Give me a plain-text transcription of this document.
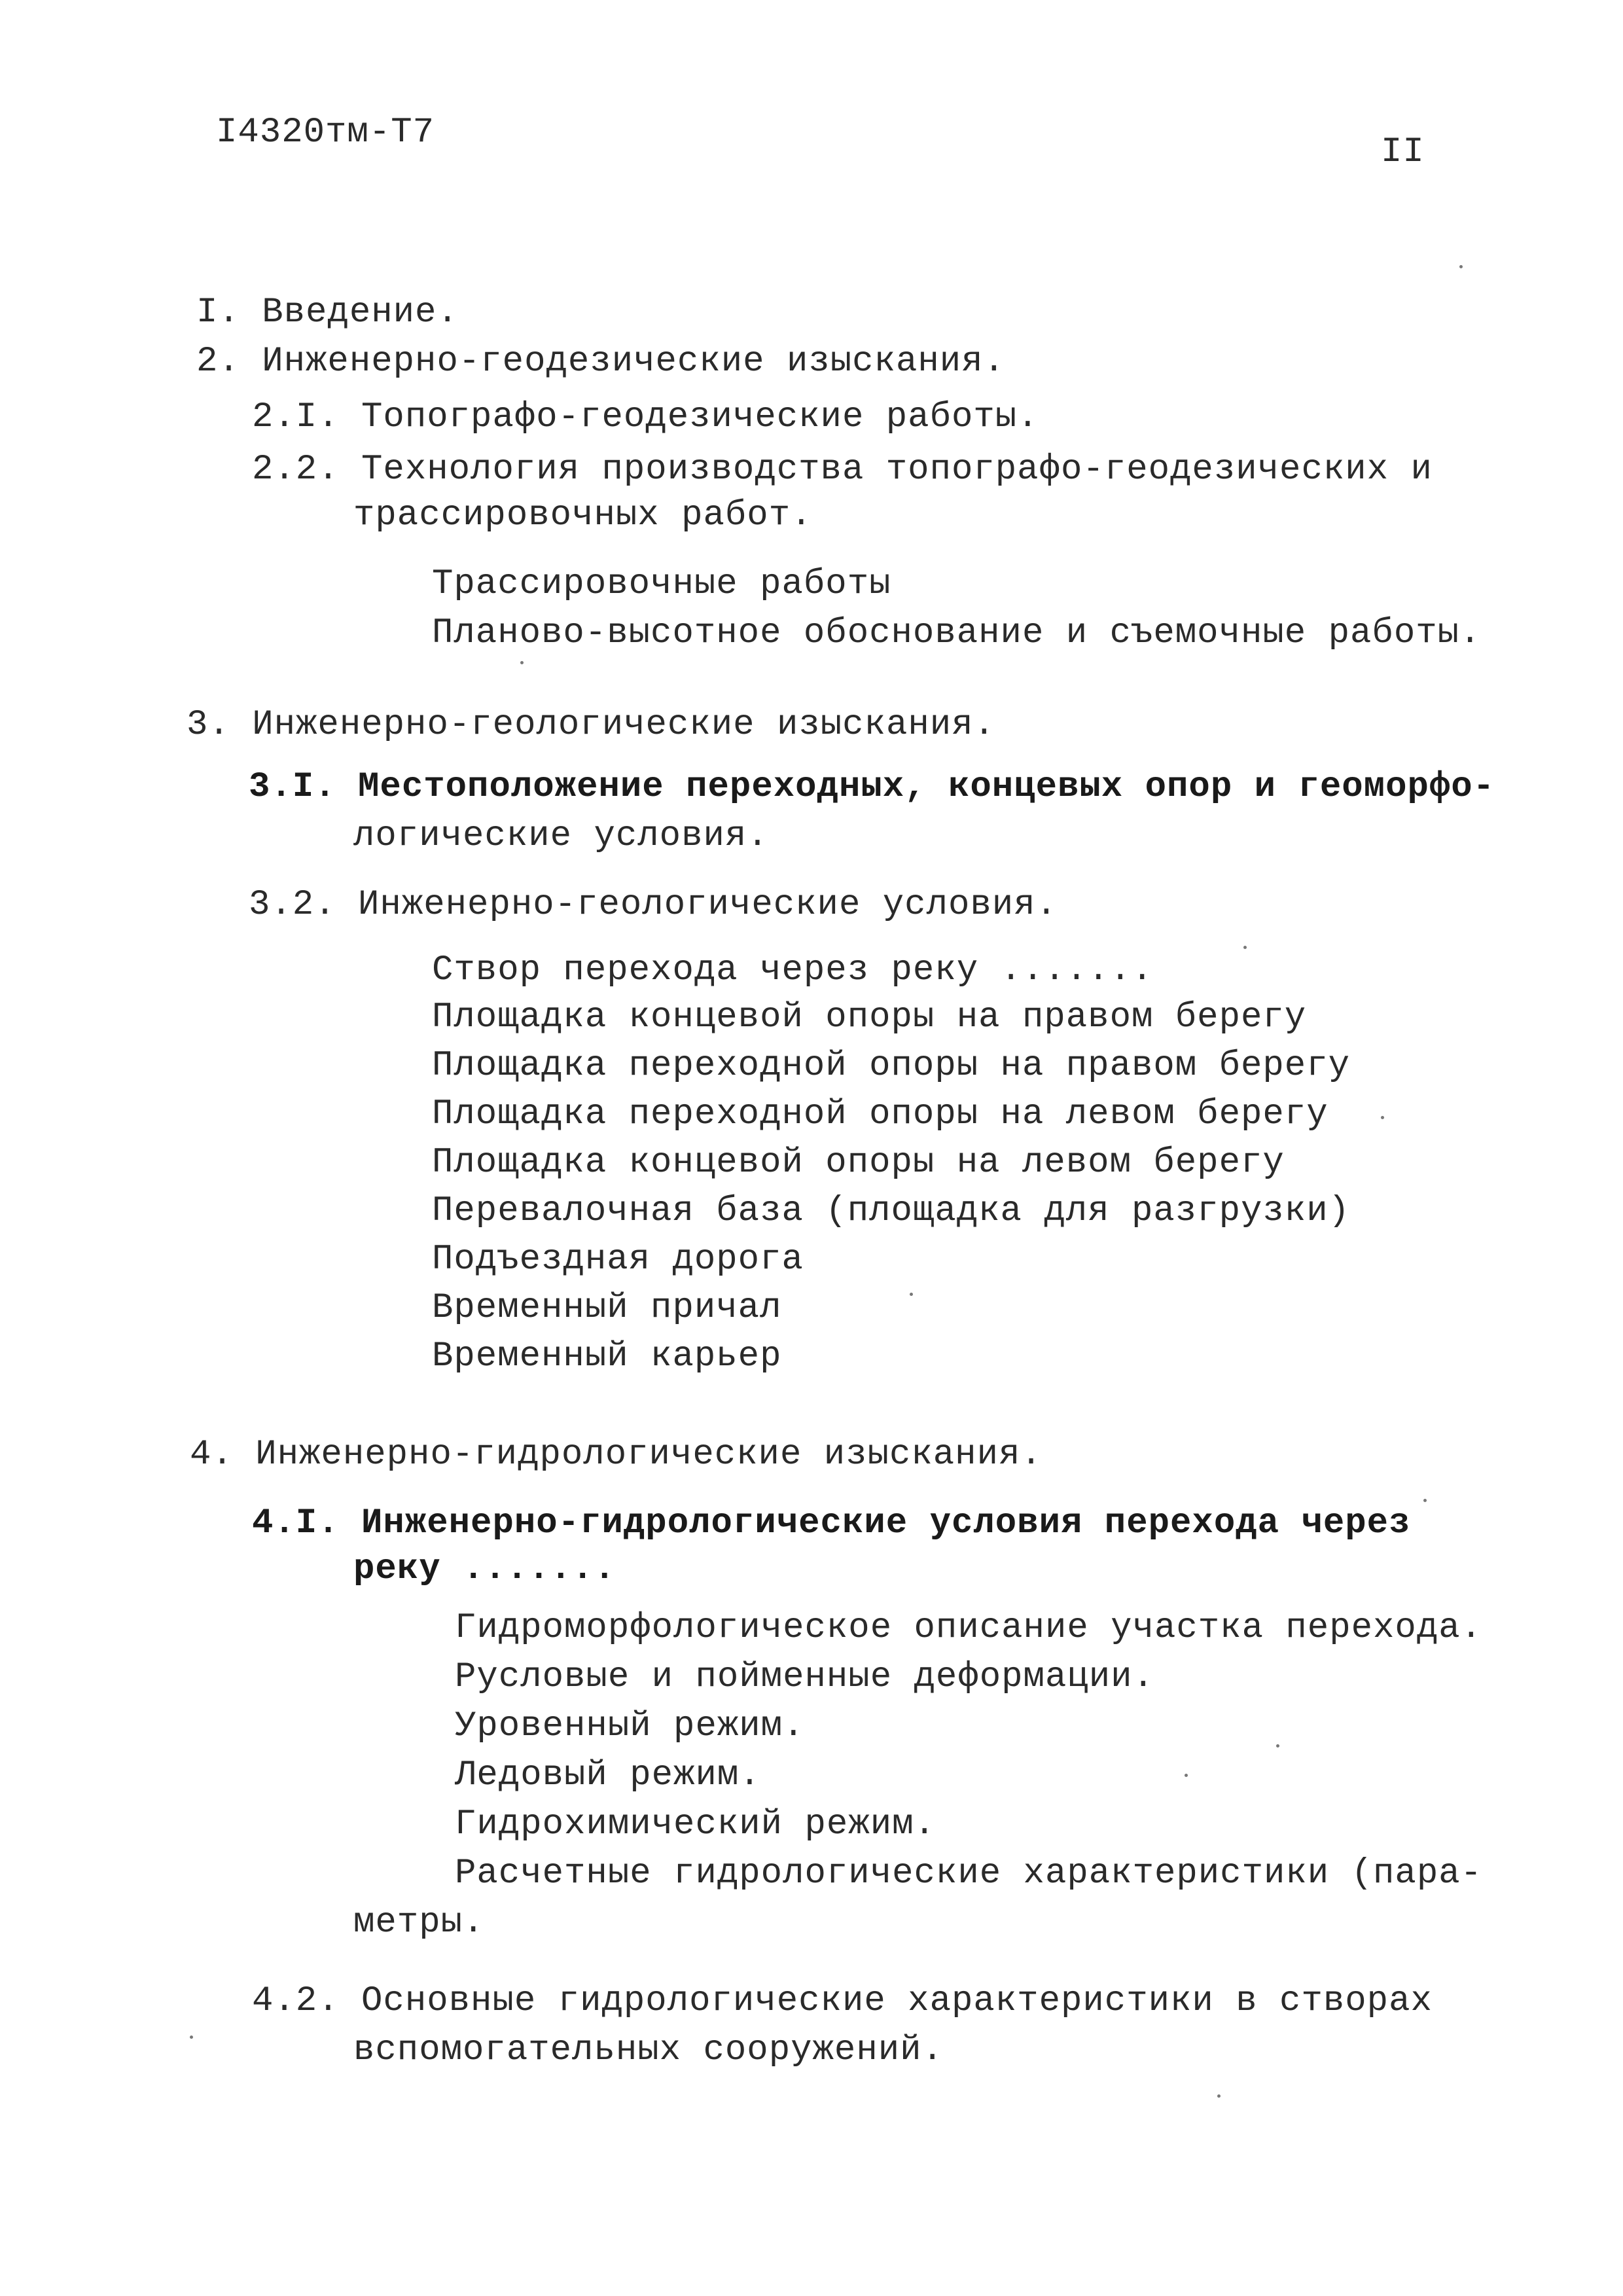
I4320тм-Т7	II
I. Введение.
2. Инженерно-геодезические изыскания.
2.I. Топографо-геодезические работы.
2.2. Технология производства топографо-геодезических и
трассировочных работ.
Трассировочные работы
Планово-высотное обоснование и съемочные работы.
3. Инженерно-геологические изыскания.
3.I. Местоположение переходных, концевых опор и геоморфо-
логические условия.
3.2. Инженерно-геологические условия.
Створ перехода через реку .......
Площадка концевой опоры на правом берегу
Площадка переходной опоры на правом берегу
Площадка переходной опоры на левом берегу
Площадка концевой опоры на левом берегу
Перевалочная база (площадка для разгрузки)
Подъездная дорога
Временный причал
Временный карьер
4. Инженерно-гидрологические изыскания.
4.I. Инженерно-гидрологические условия перехода через
реку .......
Гидроморфологическое описание участка перехода.
Русловые и пойменные деформации.
Уровенный режим.
Ледовый режим.
Гидрохимический режим.
Расчетные гидрологические характеристики (пара-
метры.
4.2. Основные гидрологические характеристики в створах
вспомогательных сооружений.
